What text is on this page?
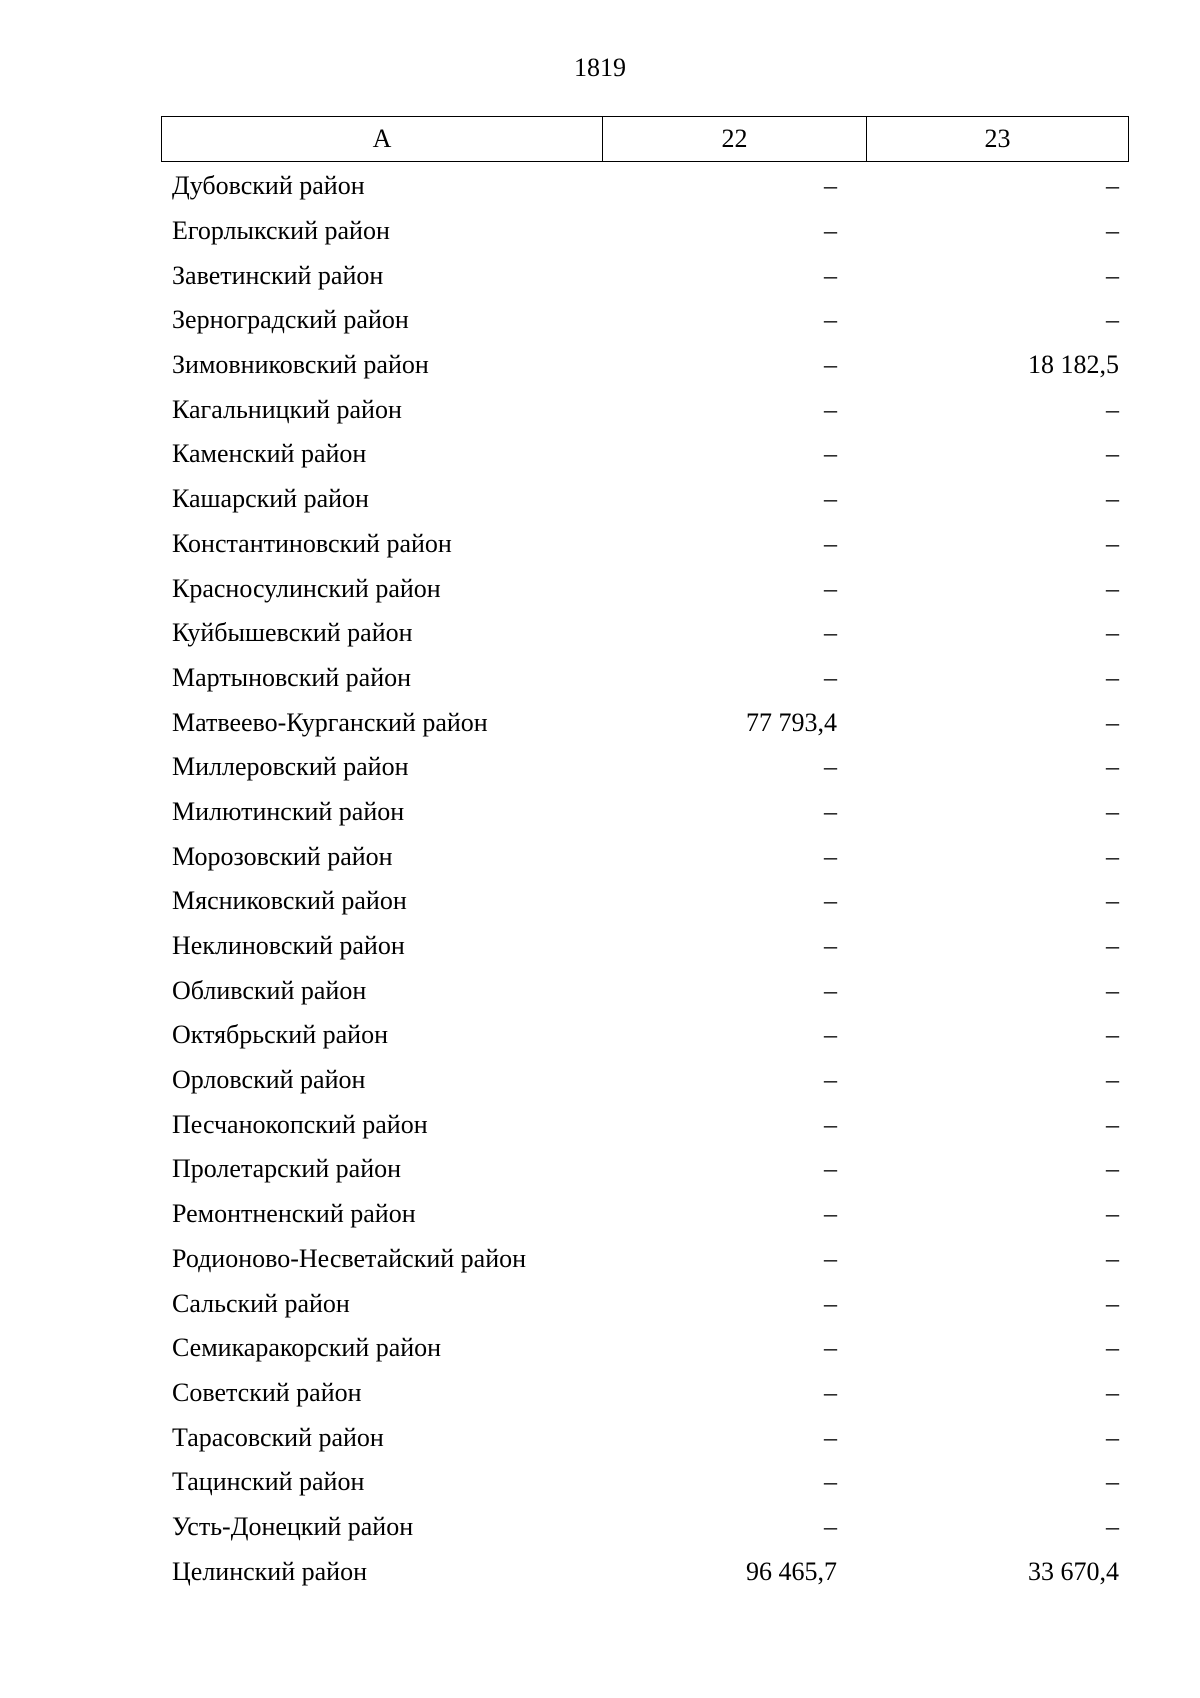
1819
А	22	23
Дубовский район	–	–
Егорлыкский район	–	–
Заветинский район	–	–
Зерноградский район	–	–
Зимовниковский район	–	18 182,5
Кагальницкий район	–	–
Каменский район	–	–
Кашарский район	–	–
Константиновский район	–	–
Красносулинский район	–	–
Куйбышевский район	–	–
Мартыновский район	–	–
Матвеево-Курганский район	77 793,4	–
Миллеровский район	–	–
Милютинский район	–	–
Морозовский район	–	–
Мясниковский район	–	–
Неклиновский район	–	–
Обливский район	–	–
Октябрьский район	–	–
Орловский район	–	–
Песчанокопский район	–	–
Пролетарский район	–	–
Ремонтненский район	–	–
Родионово-Несветайский район	–	–
Сальский район	–	–
Семикаракорский район	–	–
Советский район	–	–
Тарасовский район	–	–
Тацинский район	–	–
Усть-Донецкий район	–	–
Целинский район	96 465,7	33 670,4
